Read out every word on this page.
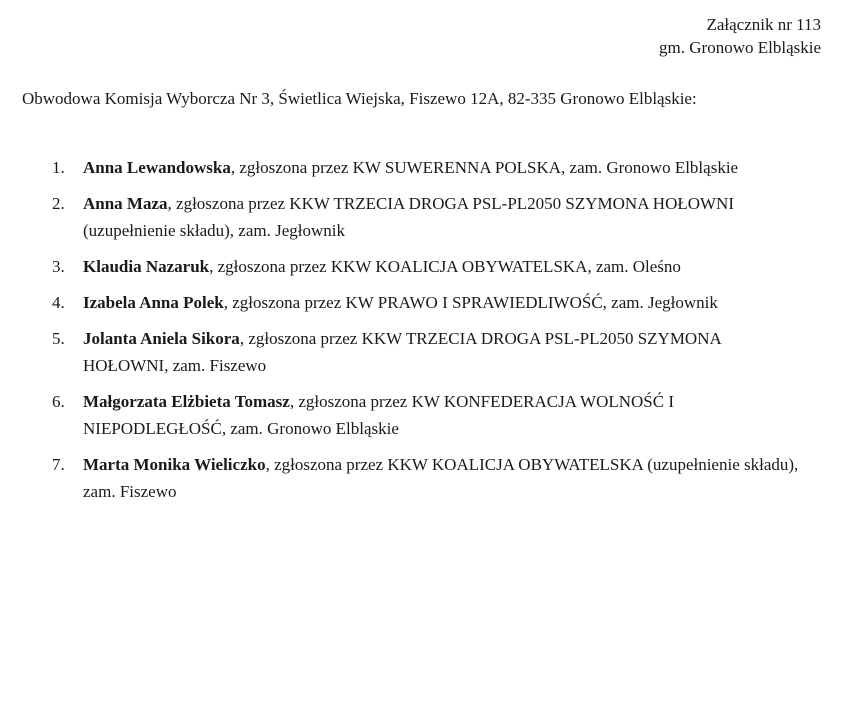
Załącznik nr 113
gm. Gronowo Elbląskie
Obwodowa Komisja Wyborcza Nr 3, Świetlica Wiejska, Fiszewo 12A, 82-335 Gronowo Elbląskie:
1. Anna Lewandowska, zgłoszona przez KW SUWERENNA POLSKA, zam. Gronowo Elbląskie
2. Anna Maza, zgłoszona przez KKW TRZECIA DROGA PSL-PL2050 SZYMONA HOŁOWNI (uzupełnienie składu), zam. Jegłownik
3. Klaudia Nazaruk, zgłoszona przez KKW KOALICJA OBYWATELSKA, zam. Oleśno
4. Izabela Anna Polek, zgłoszona przez KW PRAWO I SPRAWIEDLIWOŚĆ, zam. Jegłownik
5. Jolanta Aniela Sikora, zgłoszona przez KKW TRZECIA DROGA PSL-PL2050 SZYMONA HOŁOWNI, zam. Fiszewo
6. Małgorzata Elżbieta Tomasz, zgłoszona przez KW KONFEDERACJA WOLNOŚĆ I NIEPODLEGŁOŚĆ, zam. Gronowo Elbląskie
7. Marta Monika Wieliczko, zgłoszona przez KKW KOALICJA OBYWATELSKA (uzupełnienie składu), zam. Fiszewo
